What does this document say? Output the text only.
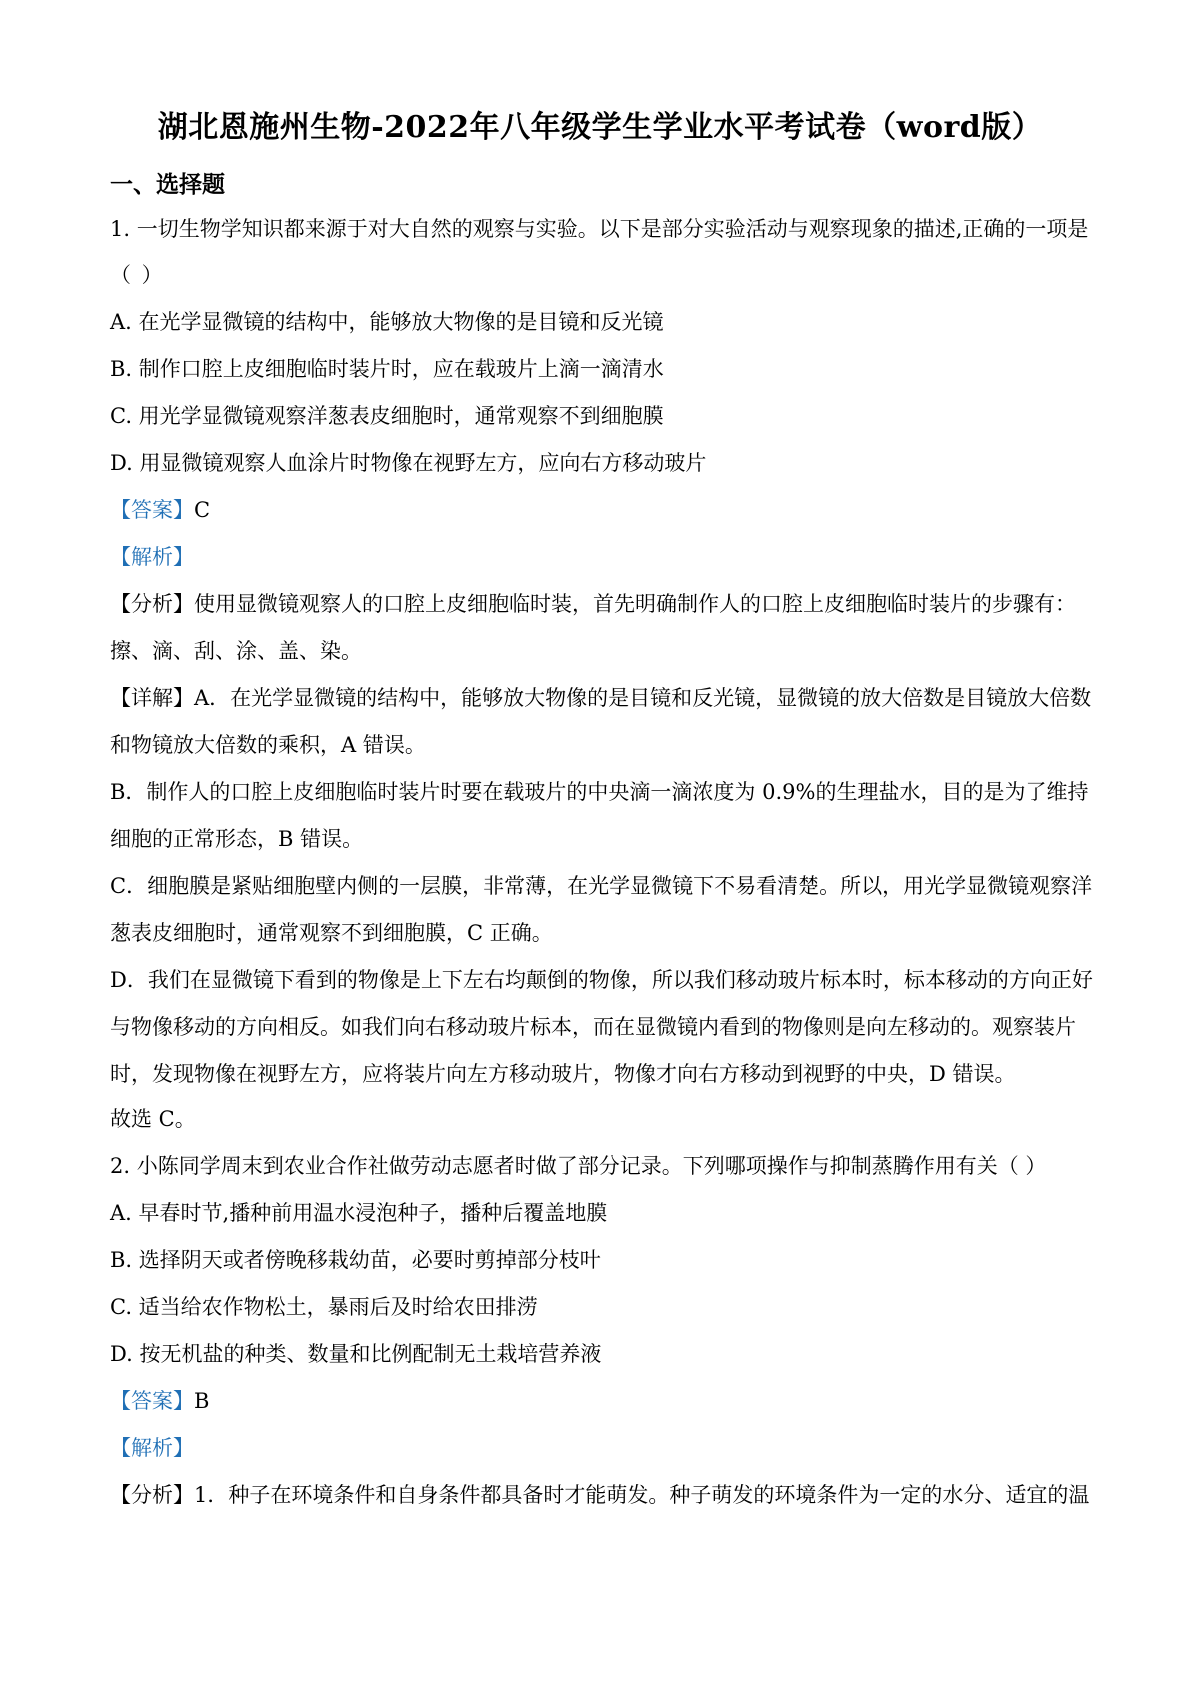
湖北恩施州生物-2022年八年级学生学业水平考试卷（word版）
一、选择题
1. 一切生物学知识都来源于对大自然的观察与实验。以下是部分实验活动与观察现象的描述,正确的一项是
（ ）
A. 在光学显微镜的结构中，能够放大物像的是目镜和反光镜
B. 制作口腔上皮细胞临时装片时，应在载玻片上滴一滴清水
C. 用光学显微镜观察洋葱表皮细胞时，通常观察不到细胞膜
D. 用显微镜观察人血涂片时物像在视野左方，应向右方移动玻片
【答案】C
【解析】
【分析】使用显微镜观察人的口腔上皮细胞临时装，首先明确制作人的口腔上皮细胞临时装片的步骤有：
擦、滴、刮、涂、盖、染。
【详解】A．在光学显微镜的结构中，能够放大物像的是目镜和反光镜，显微镜的放大倍数是目镜放大倍数
和物镜放大倍数的乘积，A 错误。
B．制作人的口腔上皮细胞临时装片时要在载玻片的中央滴一滴浓度为 0.9%的生理盐水，目的是为了维持
细胞的正常形态，B 错误。
C．细胞膜是紧贴细胞壁内侧的一层膜，非常薄，在光学显微镜下不易看清楚。所以，用光学显微镜观察洋
葱表皮细胞时，通常观察不到细胞膜，C 正确。
D．我们在显微镜下看到的物像是上下左右均颠倒的物像，所以我们移动玻片标本时，标本移动的方向正好
与物像移动的方向相反。如我们向右移动玻片标本，而在显微镜内看到的物像则是向左移动的。观察装片
时，发现物像在视野左方，应将装片向左方移动玻片，物像才向右方移动到视野的中央，D 错误。
故选 C。
2. 小陈同学周末到农业合作社做劳动志愿者时做了部分记录。下列哪项操作与抑制蒸腾作用有关（ ）
A. 早春时节,播种前用温水浸泡种子，播种后覆盖地膜
B. 选择阴天或者傍晚移栽幼苗，必要时剪掉部分枝叶
C. 适当给农作物松土，暴雨后及时给农田排涝
D. 按无机盐的种类、数量和比例配制无土栽培营养液
【答案】B
【解析】
【分析】1．种子在环境条件和自身条件都具备时才能萌发。种子萌发的环境条件为一定的水分、适宜的温
